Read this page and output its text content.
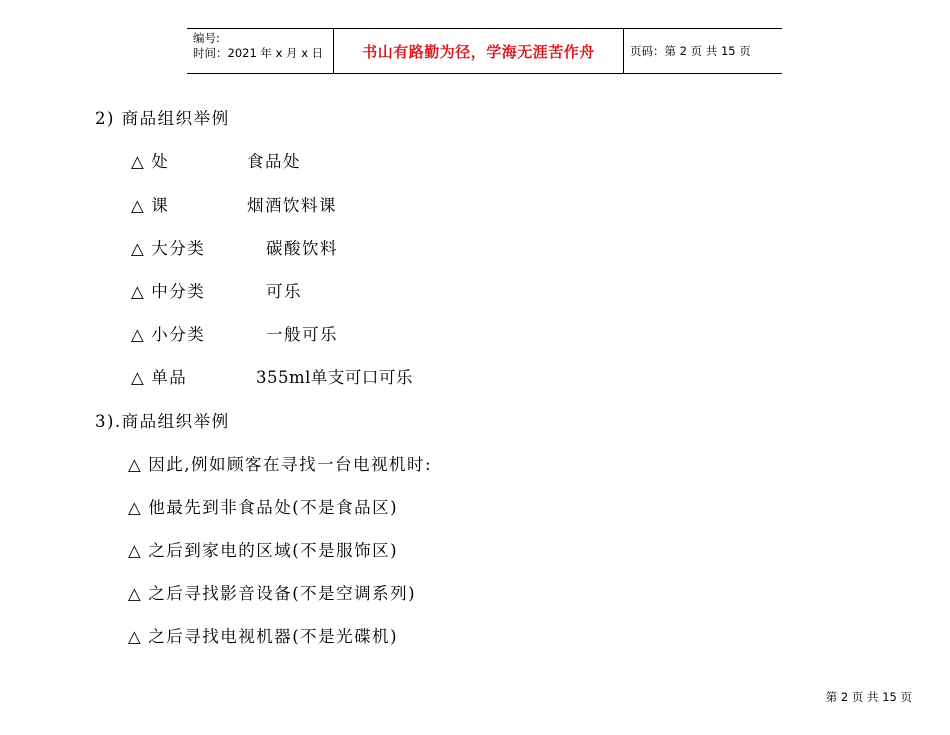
编号:
时间：2021 年 x 月 x 日	书山有路勤为径，学海无涯苦作舟	页码：第 2 页 共 15 页
2) 商品组织举例
△ 处	食品处
△ 课	烟酒饮料课
△ 大分类	碳酸饮料
△ 中分类	可乐
△ 小分类	一般可乐
△ 单品	355ml单支可口可乐
3).商品组织举例
△ 因此,例如顾客在寻找一台电视机时:
△ 他最先到非食品处(不是食品区)
△ 之后到家电的区域(不是服饰区)
△ 之后寻找影音设备(不是空调系列)
△ 之后寻找电视机器(不是光碟机)
第 2 页 共 15 页
